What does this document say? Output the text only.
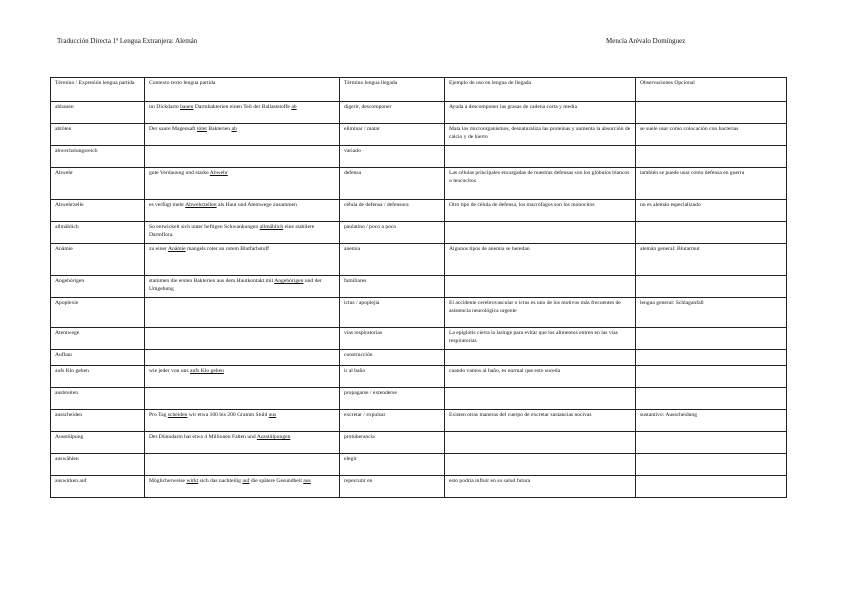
Traducción Directa 1ª Lengua Extranjera: Alemán	Mencía Arévalo Domínguez
Término / Expresión lengua partida	Contexto texto lengua partida	Término lengua llegada	Ejemplo de uso en lengua de llegada	Observaciones Opcional
abbauen	im Dickdarm bauen Darmbakterien einen Teil der Ballaststoffe ab	digerir, descomponer	Ayuda a descomponer las grasas de cadena corta y media	
abtöten	Der saure Magensaft tötet Bakterien ab	eliminar / matar	Mata los microorganismos, desnaturaliza las proteínas y aumenta la absorción de calcio y de hierro	se suele usar como colocación con bacterias
abwechslungsreich		variado		
Abwehr	gute Verdauung und starke Abwehr	defensa	Las células principales encargadas de nuestras defensas son los glóbulos blancos o leucocitos	también se puede usar como defensa en guerra
Abwehrzelle	es verfügt mehr Abwehrzellen als Haut und Atemwege zusammen	célula de defensa / defensora	Otro tipo de célula de defensa, los macrófagos son los monocitos	no es alemán especializado
allmählich	So entwickelt sich unter heftigen Schwankungen allmählich eine stabilere Darmflora.	paulatino / poco a poco		
Anämie	zu einer Anämie mangels roter an rotem Blutfarbstoff	anemia	Algunos tipos de anemia se heredan	alemán general: Blutarmut
Angehörigen	stammen die ersten Bakterien aus dem Hautkontakt mit Angehörigen und der Umgebung	familiares		
Apoplexie		ictus / apoplejía	El accidente cerebrovascular o ictus es uno de los motivos más frecuentes de asistencia neurológica urgente	lengua general: Schlaganfall
Atemwege		vías respiratorias	La epiglotis cierra la laringe para evitar que los alimentos entren en las vías respiratorias	
Aufbau		construcción		
aufs Klo gehen	wie jeder von uns aufs Klo gehen	ir al baño	cuando vamos al baño, es normal que esto suceda	
ausbreiten		propagarse / extenderse		
ausscheiden	Pro Tag scheiden wir etwa 100 bis 200 Gramm Stuhl aus	excretar / expulsar	Existen otras maneras del cuerpo de excretar sustancias nocivas	sustantivo: Ausscheidung
Ausstülpung	Der Dünndarm hat etwa 4 Millionen Falten und Ausstülpungen	protuberancia		
auswählen		elegir		
auswirken auf	Möglicherweise wirkt sich das nachteilig auf die spätere Gesundheit aus	repercutir en	esto podría influir en su salud futura	
